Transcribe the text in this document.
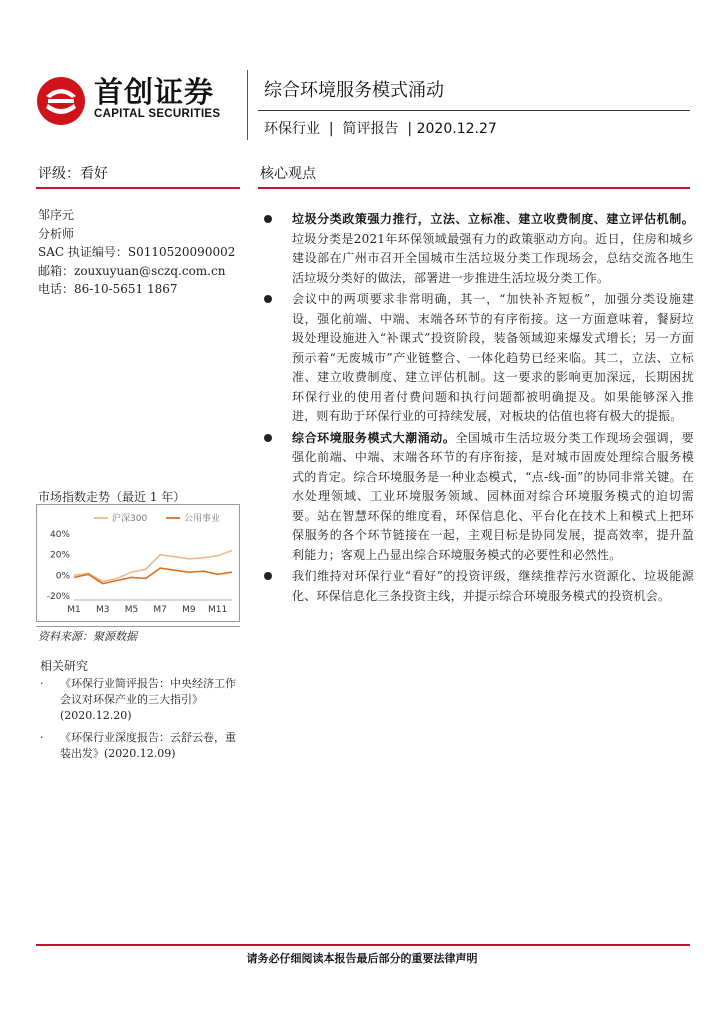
首创证券
CAPITAL SECURITIES
综合环境服务模式涌动
环保行业  |  简评报告  | 2020.12.27
评级：看好	核心观点
邹序元
分析师
SAC 执证编号：S0110520090002
邮箱：zouxuyuan@sczq.com.cn
电话：86-10-5651 1867

垃圾分类政策强力推行，立法、立标准、建立收费制度、建立评估机制。垃圾分类是2021年环保领域最强有力的政策驱动方向。近日，住房和城乡建设部在广州市召开全国城市生活垃圾分类工作现场会，总结交流各地生活垃圾分类好的做法，部署进一步推进生活垃圾分类工作。

会议中的两项要求非常明确，其一，“加快补齐短板”，加强分类设施建设，强化前端、中端、末端各环节的有序衔接。这一方面意味着，餐厨垃圾处理设施进入“补课式”投资阶段，装备领域迎来爆发式增长；另一方面预示着“无废城市”产业链整合、一体化趋势已经来临。其二，立法、立标准、建立收费制度、建立评估机制。这一要求的影响更加深远，长期困扰环保行业的使用者付费问题和执行问题都被明确提及。如果能够深入推进，则有助于环保行业的可持续发展，对板块的估值也将有极大的提振。

综合环境服务模式大潮涌动。全国城市生活垃圾分类工作现场会强调，要强化前端、中端、末端各环节的有序衔接，是对城市固废处理综合服务模式的肯定。综合环境服务是一种业态模式，“点-线-面”的协同非常关键。在水处理领域、工业环境服务领域、园林面对综合环境服务模式的迫切需要。站在智慧环保的维度看，环保信息化、平台化在技术上和模式上把环保服务的各个环节链接在一起，主观目标是协同发展，提高效率，提升盈利能力；客观上凸显出综合环境服务模式的必要性和必然性。

我们维持对环保行业“看好”的投资评级，继续推荐污水资源化、垃圾能源化、环保信息化三条投资主线，并提示综合环境服务模式的投资机会。

市场指数走势（最近 1 年）
40%
20%
0%
-20%
M1 M3 M5 M7 M9 M11
沪深300	公用事业
资料来源：聚源数据
相关研究
· 《环保行业简评报告：中央经济工作会议对环保产业的三大指引》(2020.12.20)
· 《环保行业深度报告：云舒云卷，重装出发》(2020.12.09)
请务必仔细阅读本报告最后部分的重要法律声明
